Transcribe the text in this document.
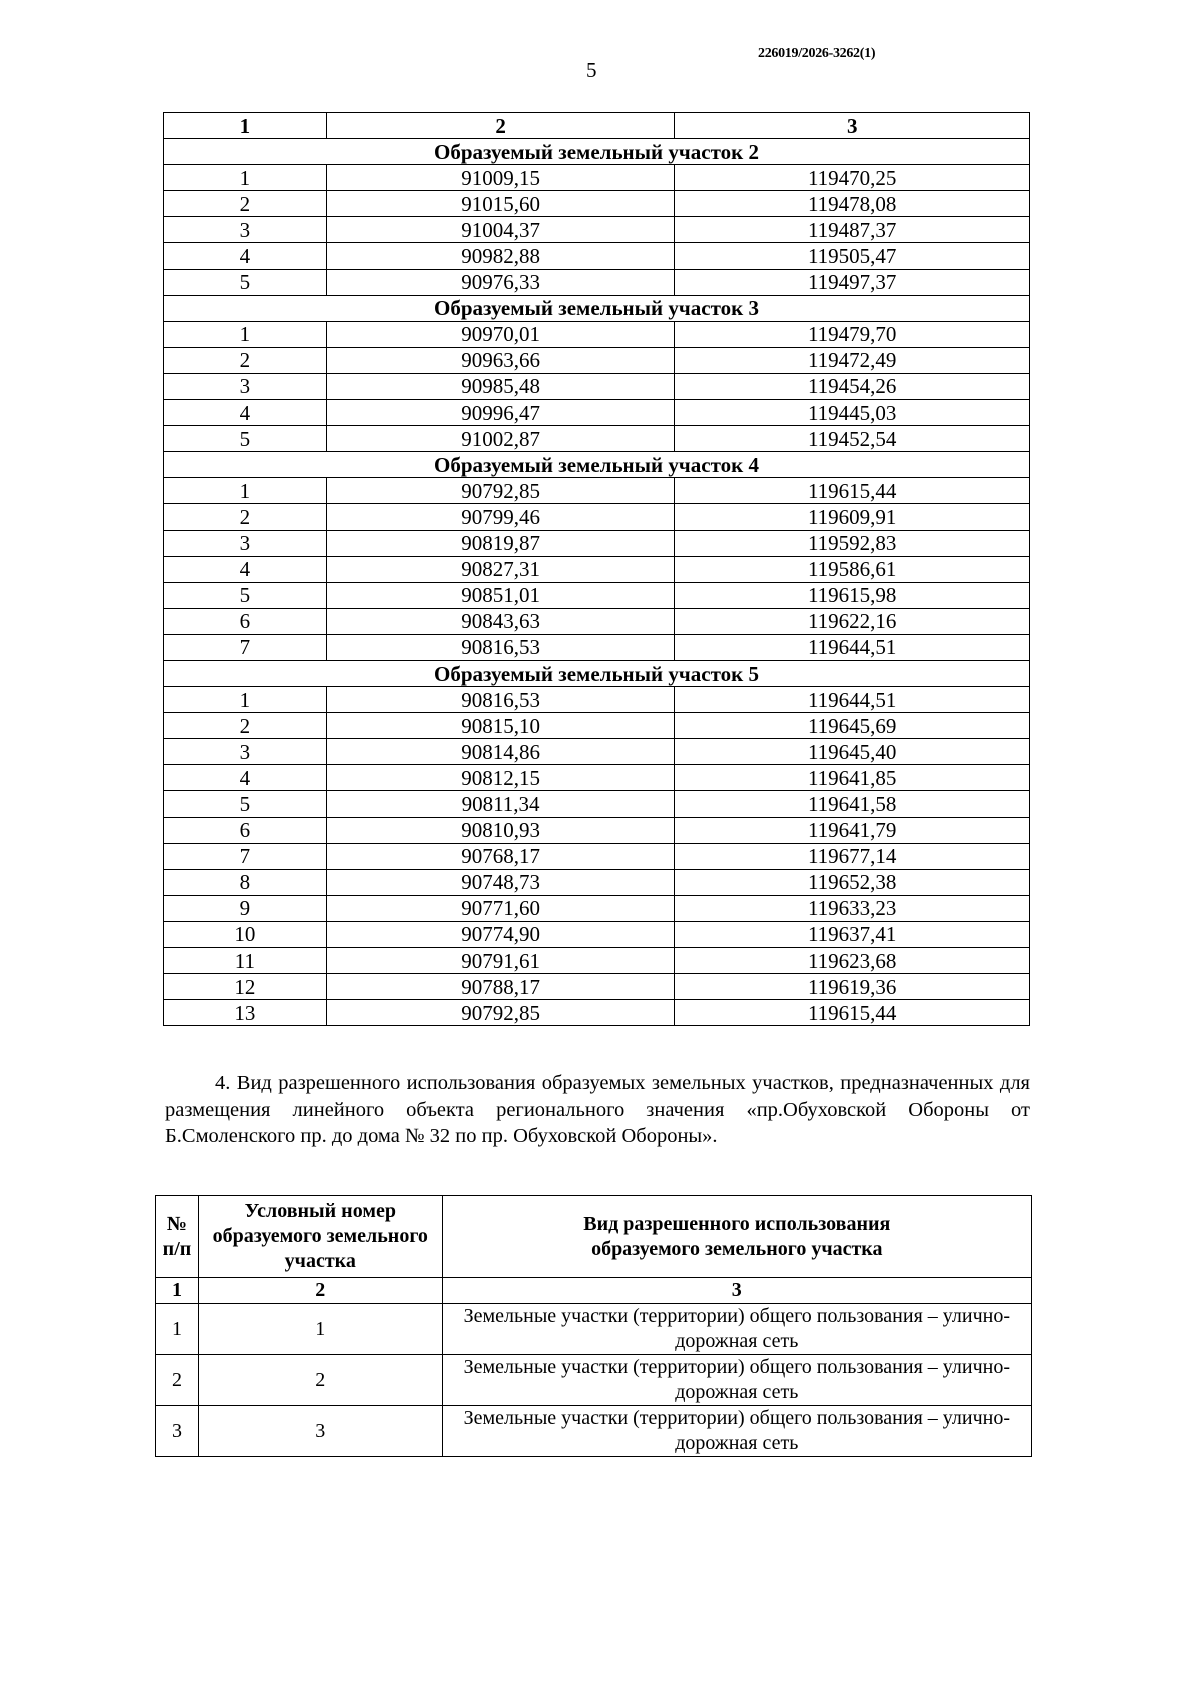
226019/2026-3262(1)
5
1	2	3
Образуемый земельный участок 2		
1	91009,15	119470,25
2	91015,60	119478,08
3	91004,37	119487,37
4	90982,88	119505,47
5	90976,33	119497,37
Образуемый земельный участок 3		
1	90970,01	119479,70
2	90963,66	119472,49
3	90985,48	119454,26
4	90996,47	119445,03
5	91002,87	119452,54
Образуемый земельный участок 4		
1	90792,85	119615,44
2	90799,46	119609,91
3	90819,87	119592,83
4	90827,31	119586,61
5	90851,01	119615,98
6	90843,63	119622,16
7	90816,53	119644,51
Образуемый земельный участок 5		
1	90816,53	119644,51
2	90815,10	119645,69
3	90814,86	119645,40
4	90812,15	119641,85
5	90811,34	119641,58
6	90810,93	119641,79
7	90768,17	119677,14
8	90748,73	119652,38
9	90771,60	119633,23
10	90774,90	119637,41
11	90791,61	119623,68
12	90788,17	119619,36
13	90792,85	119615,44
4. Вид разрешенного использования образуемых земельных участков, предназначенных для размещения линейного объекта регионального значения «пр.Обуховской Обороны от Б.Смоленского пр. до дома № 32 по пр. Обуховской Обороны».
№ п/п	Условный номер образуемого земельного участка	Вид разрешенного использования образуемого земельного участка
1	2	3
1	1	Земельные участки (территории) общего пользования – улично-дорожная сеть
2	2	Земельные участки (территории) общего пользования – улично-дорожная сеть
3	3	Земельные участки (территории) общего пользования – улично-дорожная сеть
